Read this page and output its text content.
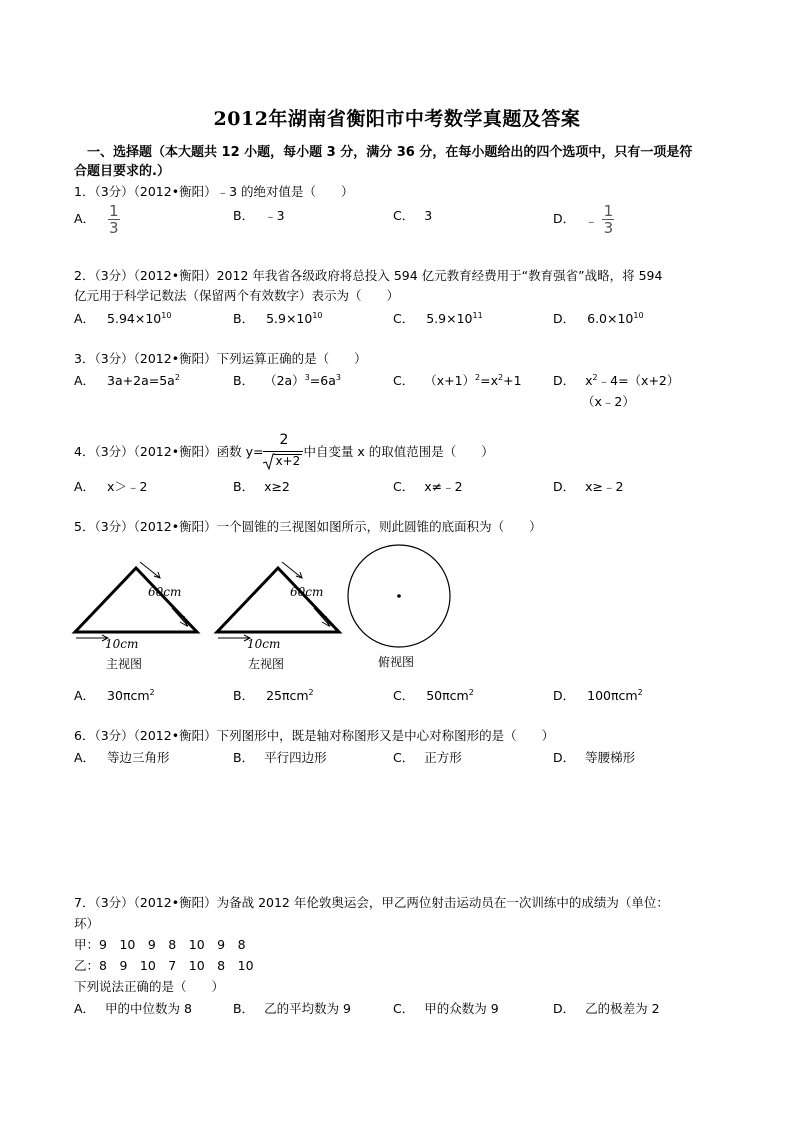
2012年湖南省衡阳市中考数学真题及答案
一、选择题（本大题共 12 小题，每小题 3 分，满分 36 分，在每小题给出的四个选项中，只有一项是符
合题目要求的.）
1．（3分）（2012•衡阳）﹣3 的绝对值是（　　）
A． $\frac{1}{3}$	B． ﹣3	C． 3	D． ﹣ $\frac{1}{3}$
2．（3分）（2012•衡阳）2012 年我省各级政府将总投入 594 亿元教育经费用于“教育强省”战略，将 594
亿元用于科学记数法（保留两个有效数字）表示为（　　）
A． $5.94\times 10^{10}$	B． $5.9\times 10^{10}$	C． $5.9\times 10^{11}$	D． $6.0\times 10^{10}$
3．（3分）（2012•衡阳）下列运算正确的是（　　）
A． $3a+2a=5a^2$	B． $(2a)^3=6a^3$	C． $(x+1)^2=x^2+1$	D． $x^2﹣4=(x+2)$
（x﹣2）
4．（3分）（2012•衡阳）函数 $y= \frac{2}{x+2}$ 中自变量 x 的取值范围是（　　）
A． x＞﹣2	B． x≥2	C． x≠﹣2	D． x≥﹣2
5．（3分）（2012•衡阳）一个圆锥的三视图如图所示，则此圆锥的底面积为（　　）
60cm
10cm
主视图
60cm
10cm
左视图	俯视图
A． 30πcm$^2$	B． 25πcm$^2$	C． 50πcm$^2$	D． 100πcm$^2$
6．（3分）（2012•衡阳）下列图形中，既是轴对称图形又是中心对称图形的是（　　）
A． 等边三角形	B． 平行四边形	C． 正方形	D． 等腰梯形
7．（3分）（2012•衡阳）为备战 2012 年伦敦奥运会，甲乙两位射击运动员在一次训练中的成绩为（单位：
环）
甲：9　10　9　8　10　9　8
乙：8　9　10　7　10　8　10
下列说法正确的是（　　）
A． 甲的中位数为 8	B． 乙的平均数为 9	C． 甲的众数为 9	D． 乙的极差为 2
